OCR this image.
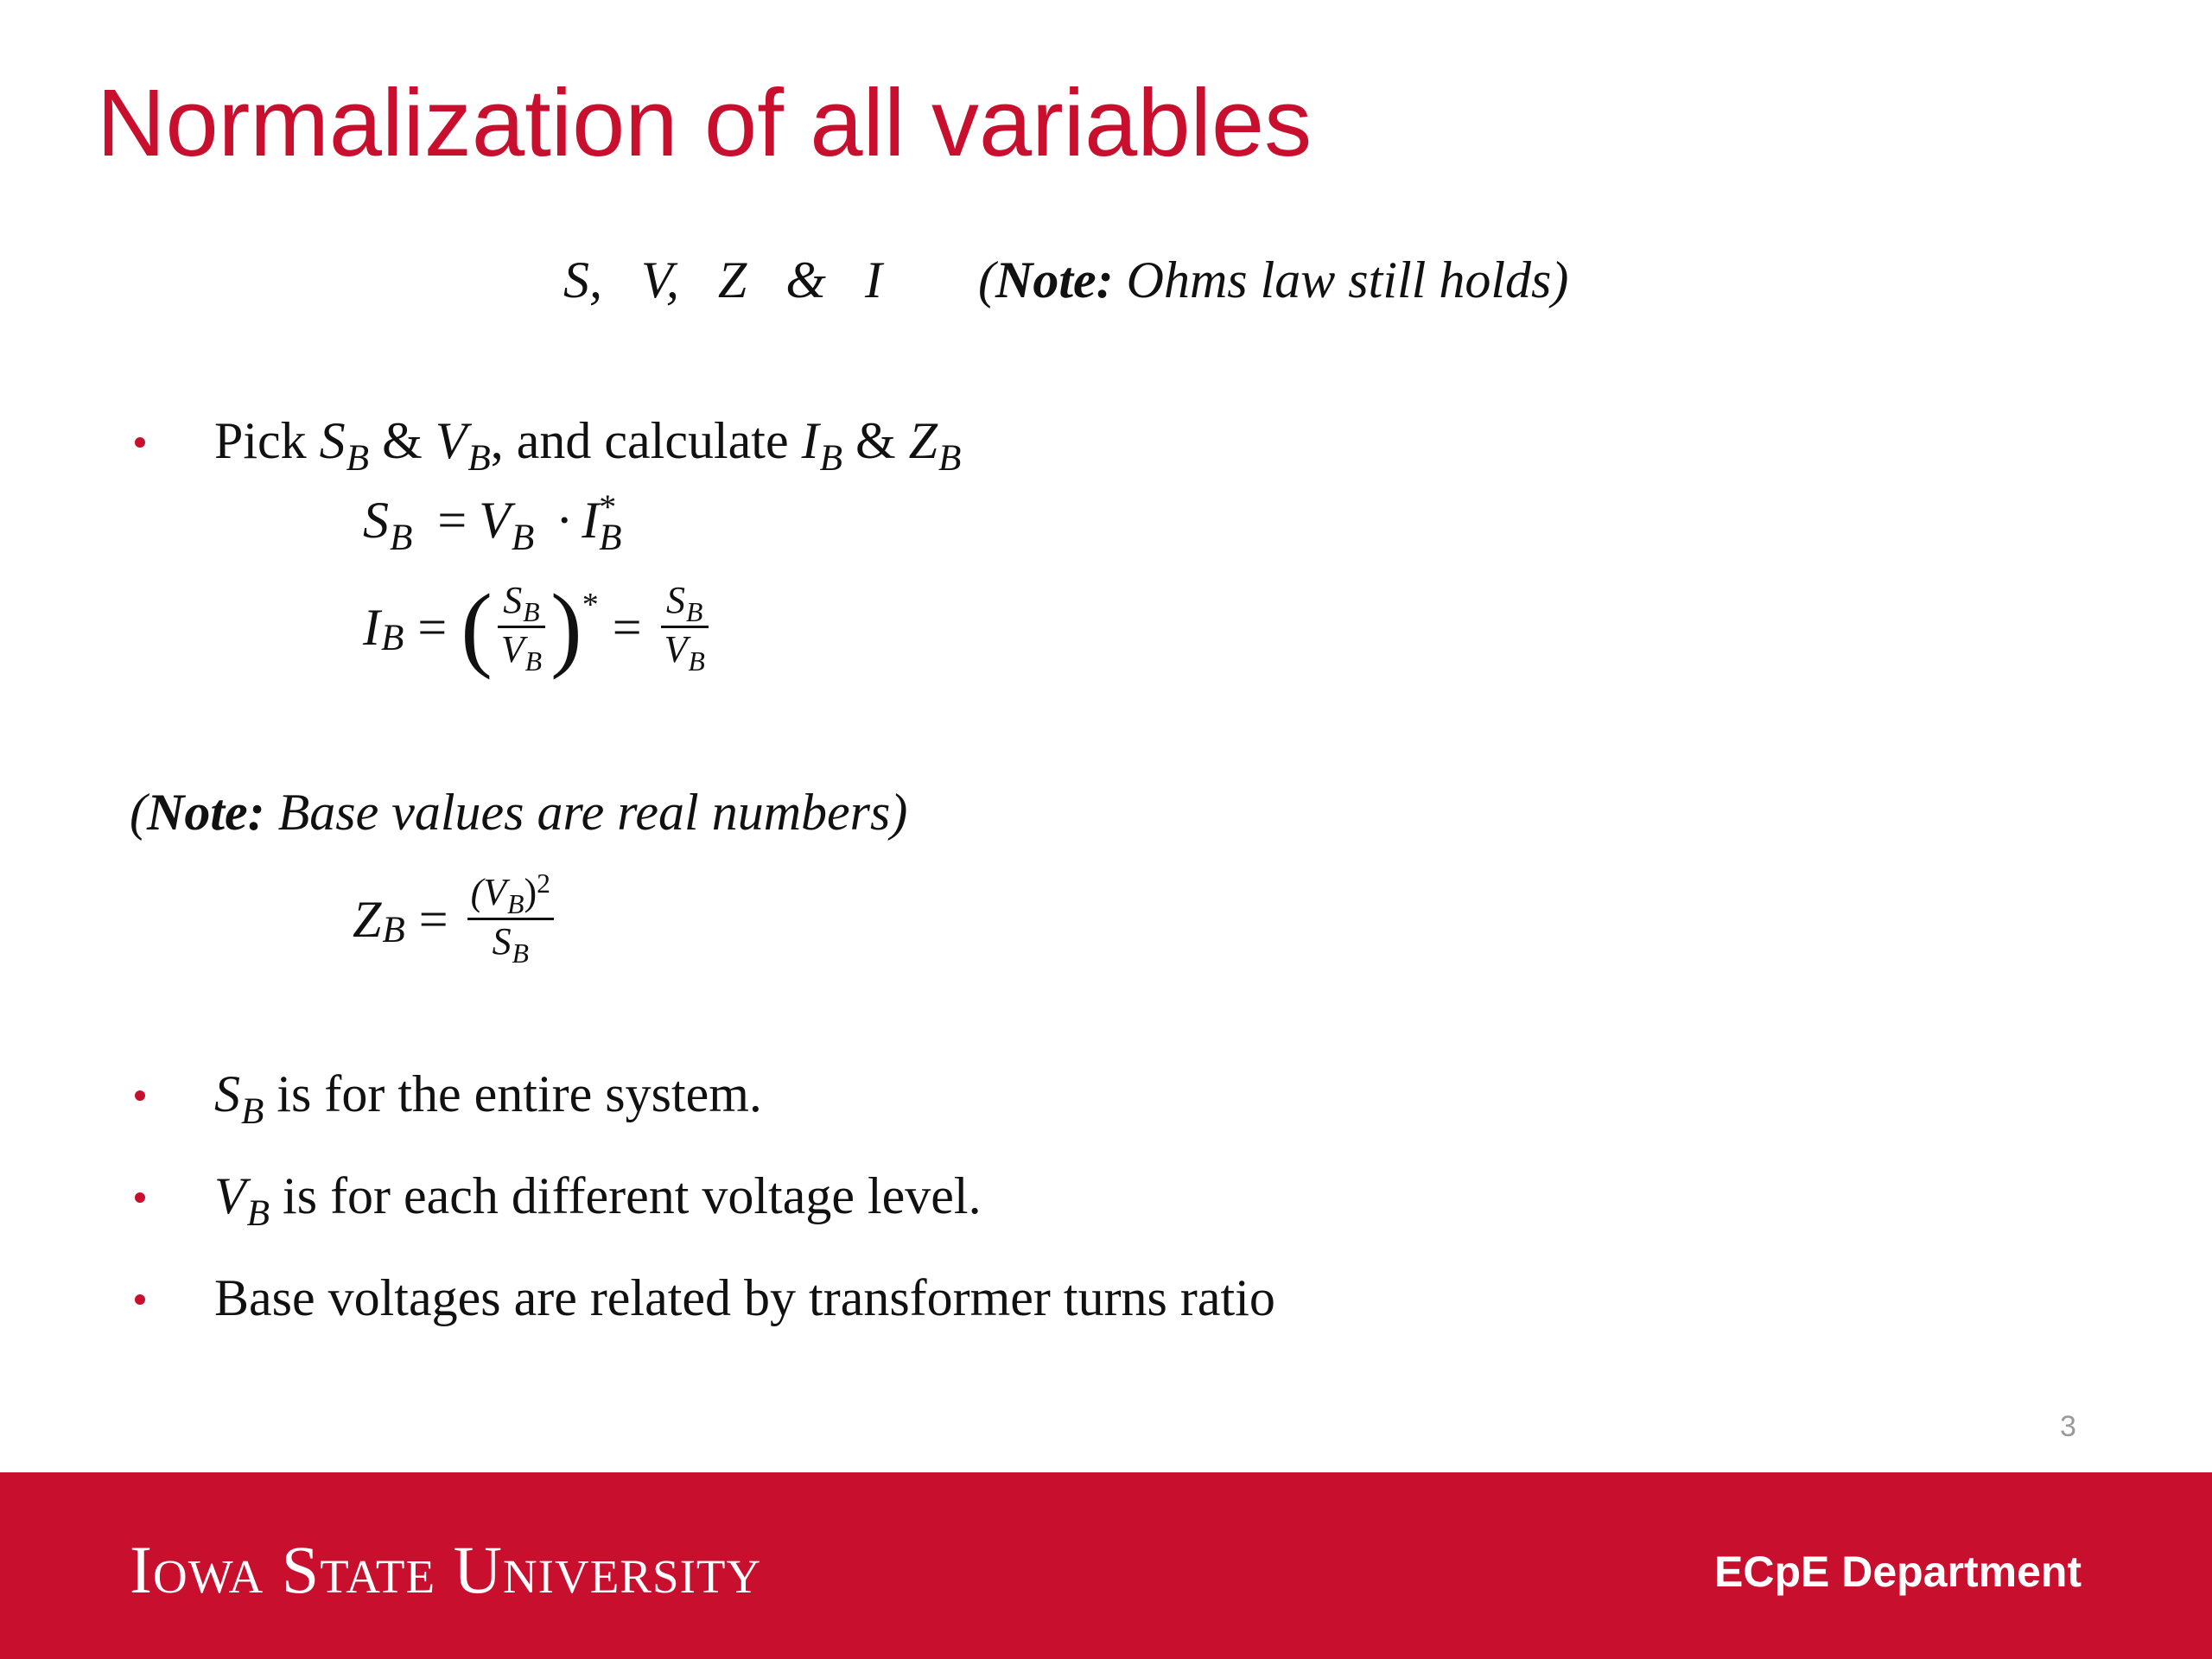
Normalization of all variables
S, V, Z & I (Note: Ohms law still holds)
Pick $S_B$ & $V_B$, and calculate $I_B$ & $Z_B$
$S_B = V_B \cdot I$ *
B
I B = ( $\frac{S_B}{V_B}$ ) * = $\frac{S_B}{V_B}$
(Note: Base values are real numbers)
Z $B = \frac{(V_B)^2}{S_B}$
$S_B$ is for the entire system.
$V_B$ is for each different voltage level.
Base voltages are related by transformer turns ratio
3
Iowa State University	ECpE Department
